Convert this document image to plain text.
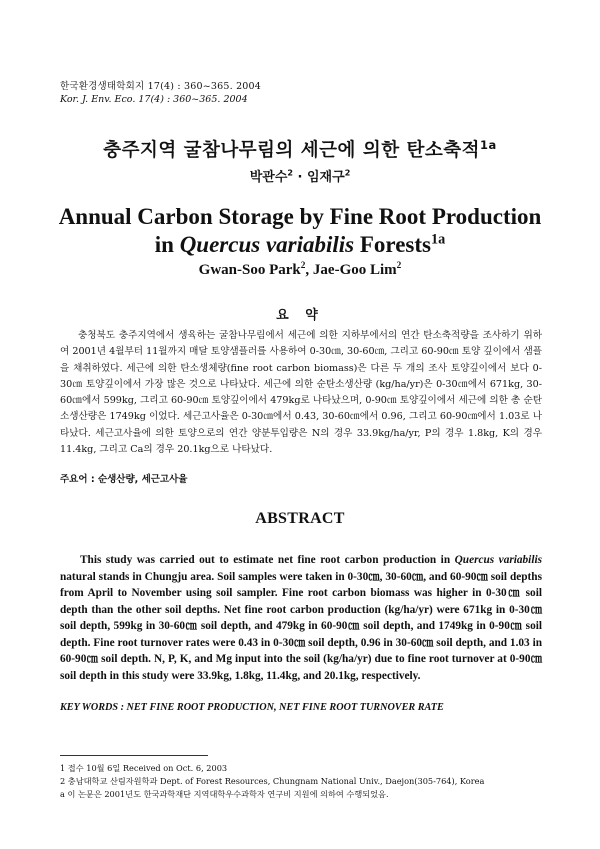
한국환경생태학회지 17(4) : 360~365. 2004
Kor. J. Env. Eco. 17(4) : 360~365. 2004
충주지역 굴참나무림의 세근에 의한 탄소축적$^{1a}$
박관수$^2$ · 임재구$^2$
Annual Carbon Storage by Fine Root Production
in Quercus variabilis Forests$^{1a}$
Gwan-Soo Park$^2$, Jae-Goo Lim$^2$
요 약
충청북도 충주지역에서 생육하는 굴참나무림에서 세근에 의한 지하부에서의 연간 탄소축적량을 조사하기 위하여 2001년 4월부터 11월까지 매달 토양샘플러를 사용하여 0-30㎝, 30-60㎝, 그리고 60-90㎝ 토양 깊이에서 샘플을 채취하였다. 세근에 의한 탄소생체량(fine root carbon biomass)은 다른 두 개의 조사 토양깊이에서 보다 0-30㎝ 토양깊이에서 가장 많은 것으로 나타났다. 세근에 의한 순탄소생산량 (kg/ha/yr)은 0-30㎝에서 671kg, 30-60㎝에서 599kg, 그리고 60-90㎝ 토양깊이에서 479kg로 나타났으며, 0-90㎝ 토양깊이에서 세근에 의한 총 순탄소생산량은 1749kg 이었다. 세근고사율은 0-30㎝에서 0.43, 30-60㎝에서 0.96, 그리고 60-90㎝에서 1.03로 나타났다. 세근고사율에 의한 토양으로의 연간 양분투입량은 N의 경우 33.9kg/ha/yr, P의 경우 1.8kg, K의 경우 11.4kg, 그리고 Ca의 경우 20.1kg으로 나타났다.
주요어 : 순생산량, 세근고사율
ABSTRACT
This study was carried out to estimate net fine root carbon production in Quercus variabilis natural stands in Chungju area. Soil samples were taken in 0-30㎝, 30-60㎝, and 60-90㎝ soil depths from April to November using soil sampler. Fine root carbon biomass was higher in 0-30㎝ soil depth than the other soil depths. Net fine root carbon production (kg/ha/yr) were 671kg in 0-30㎝ soil depth, 599kg in 30-60㎝ soil depth, and 479kg in 60-90㎝ soil depth, and 1749kg in 0-90㎝ soil depth. Fine root turnover rates were 0.43 in 0-30㎝ soil depth, 0.96 in 30-60㎝ soil depth, and 1.03 in 60-90㎝ soil depth. N, P, K, and Mg input into the soil (kg/ha/yr) due to fine root turnover at 0-90㎝ soil depth in this study were 33.9kg, 1.8kg, 11.4kg, and 20.1kg, respectively.
KEY WORDS : NET FINE ROOT PRODUCTION, NET FINE ROOT TURNOVER RATE
1 접수 10월 6일 Received on Oct. 6, 2003
2 충남대학교 산림자원학과 Dept. of Forest Resources, Chungnam National Univ., Daejon(305-764), Korea
a 이 논문은 2001년도 한국과학재단 지역대학우수과학자 연구비 지원에 의하여 수행되었음.
